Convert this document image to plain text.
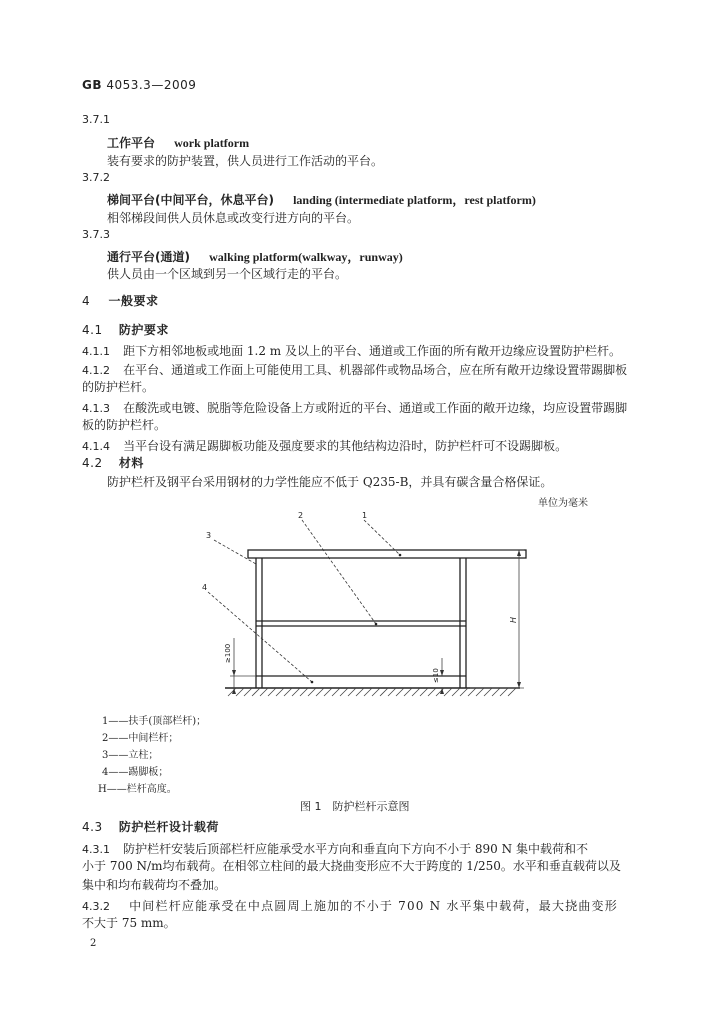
GB 4053.3—2009
3.7.1
工作平台 work platform
装有要求的防护装置，供人员进行工作活动的平台。
3.7.2
梯间平台(中间平台，休息平台) landing (intermediate platform，rest platform)
相邻梯段间供人员休息或改变行进方向的平台。
3.7.3
通行平台(通道) walking platform(walkway，runway)
供人员由一个区域到另一个区域行走的平台。
4 一般要求
4.1 防护要求
4.1.1 距下方相邻地板或地面 1.2 m 及以上的平台、通道或工作面的所有敞开边缘应设置防护栏杆。
4.1.2 在平台、通道或工作面上可能使用工具、机器部件或物品场合，应在所有敞开边缘设置带踢脚板
的防护栏杆。
4.1.3 在酸洗或电镀、脱脂等危险设备上方或附近的平台、通道或工作面的敞开边缘，均应设置带踢脚
板的防护栏杆。
4.1.4 当平台设有满足踢脚板功能及强度要求的其他结构边沿时，防护栏杆可不设踢脚板。
4.2 材料
防护栏杆及钢平台采用钢材的力学性能应不低于 Q235-B，并具有碳含量合格保证。
单位为毫米
1
2
3
4
H
≥100
≤10
1——扶手(顶部栏杆)；
2——中间栏杆；
3——立柱；
4——踢脚板；
H——栏杆高度。
图 1　防护栏杆示意图
4.3 防护栏杆设计载荷
4.3.1 防护栏杆安装后顶部栏杆应能承受水平方向和垂直向下方向不小于 890 N 集中载荷和不
小于 700 N/m均布载荷。在相邻立柱间的最大挠曲变形应不大于跨度的 1/250。水平和垂直载荷以及
集中和均布载荷均不叠加。
4.3.2 中间栏杆应能承受在中点圆周上施加的不小于 700 N 水平集中载荷，最大挠曲变形
不大于 75 mm。
2
